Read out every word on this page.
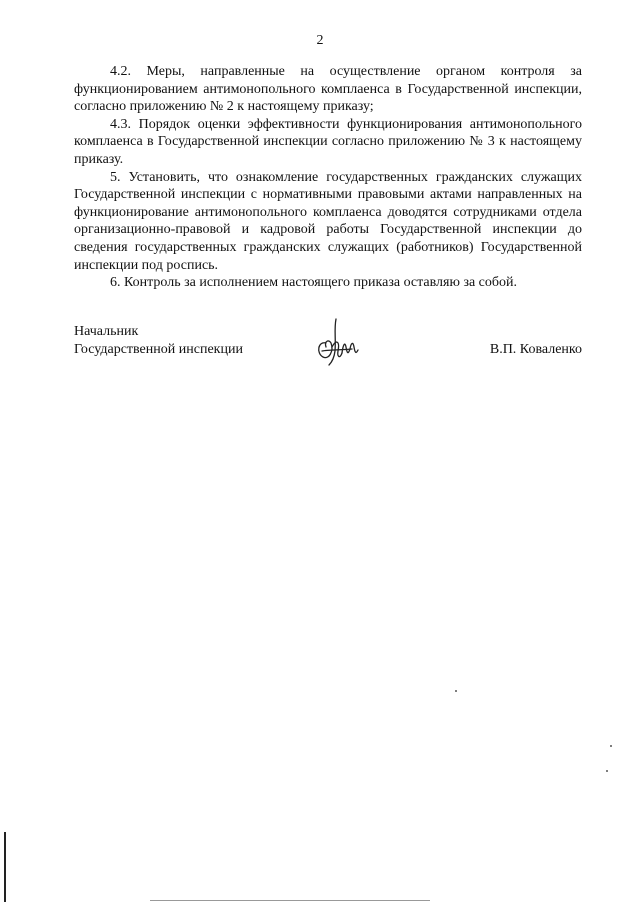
2

4.2. Меры, направленные на осуществление органом контроля за функционированием антимонопольного комплаенса в Государственной инспекции, согласно приложению № 2 к настоящему приказу;

4.3. Порядок оценки эффективности функционирования антимонопольного комплаенса в Государственной инспекции согласно приложению № 3 к настоящему приказу.

5. Установить, что ознакомление государственных гражданских служащих Государственной инспекции с нормативными правовыми актами направленных на функционирование антимонопольного комплаенса доводятся сотрудниками отдела организационно-правовой и кадровой работы Государственной инспекции до сведения государственных гражданских служащих (работников) Государственной инспекции под роспись.

6. Контроль за исполнением настоящего приказа оставляю за собой.

Начальник
Государственной инспекции	В.П. Коваленко
